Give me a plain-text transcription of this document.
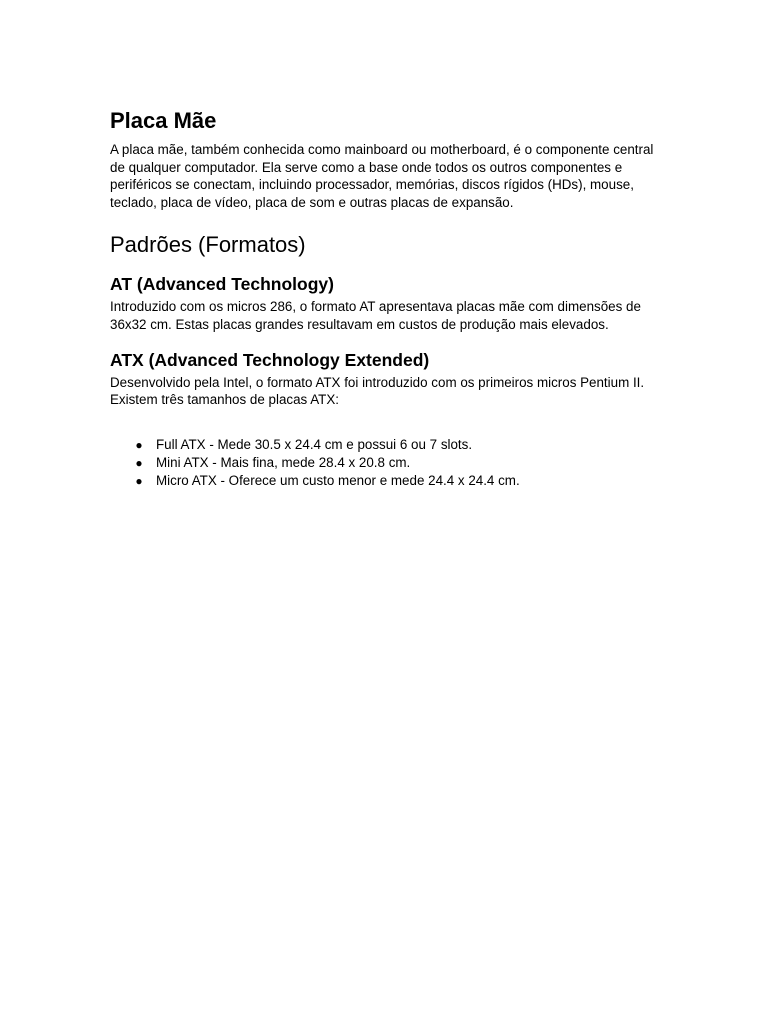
Placa Mãe

A placa mãe, também conhecida como mainboard ou motherboard, é o componente central de qualquer computador. Ela serve como a base onde todos os outros componentes e periféricos se conectam, incluindo processador, memórias, discos rígidos (HDs), mouse, teclado, placa de vídeo, placa de som e outras placas de expansão.

Padrões (Formatos)
AT (Advanced Technology)

Introduzido com os micros 286, o formato AT apresentava placas mãe com dimensões de 36x32 cm. Estas placas grandes resultavam em custos de produção mais elevados.

ATX (Advanced Technology Extended)

Desenvolvido pela Intel, o formato ATX foi introduzido com os primeiros micros Pentium II. Existem três tamanhos de placas ATX:

● Full ATX - Mede 30.5 x 24.4 cm e possui 6 ou 7 slots.
● Mini ATX - Mais fina, mede 28.4 x 20.8 cm.
● Micro ATX - Oferece um custo menor e mede 24.4 x 24.4 cm.
